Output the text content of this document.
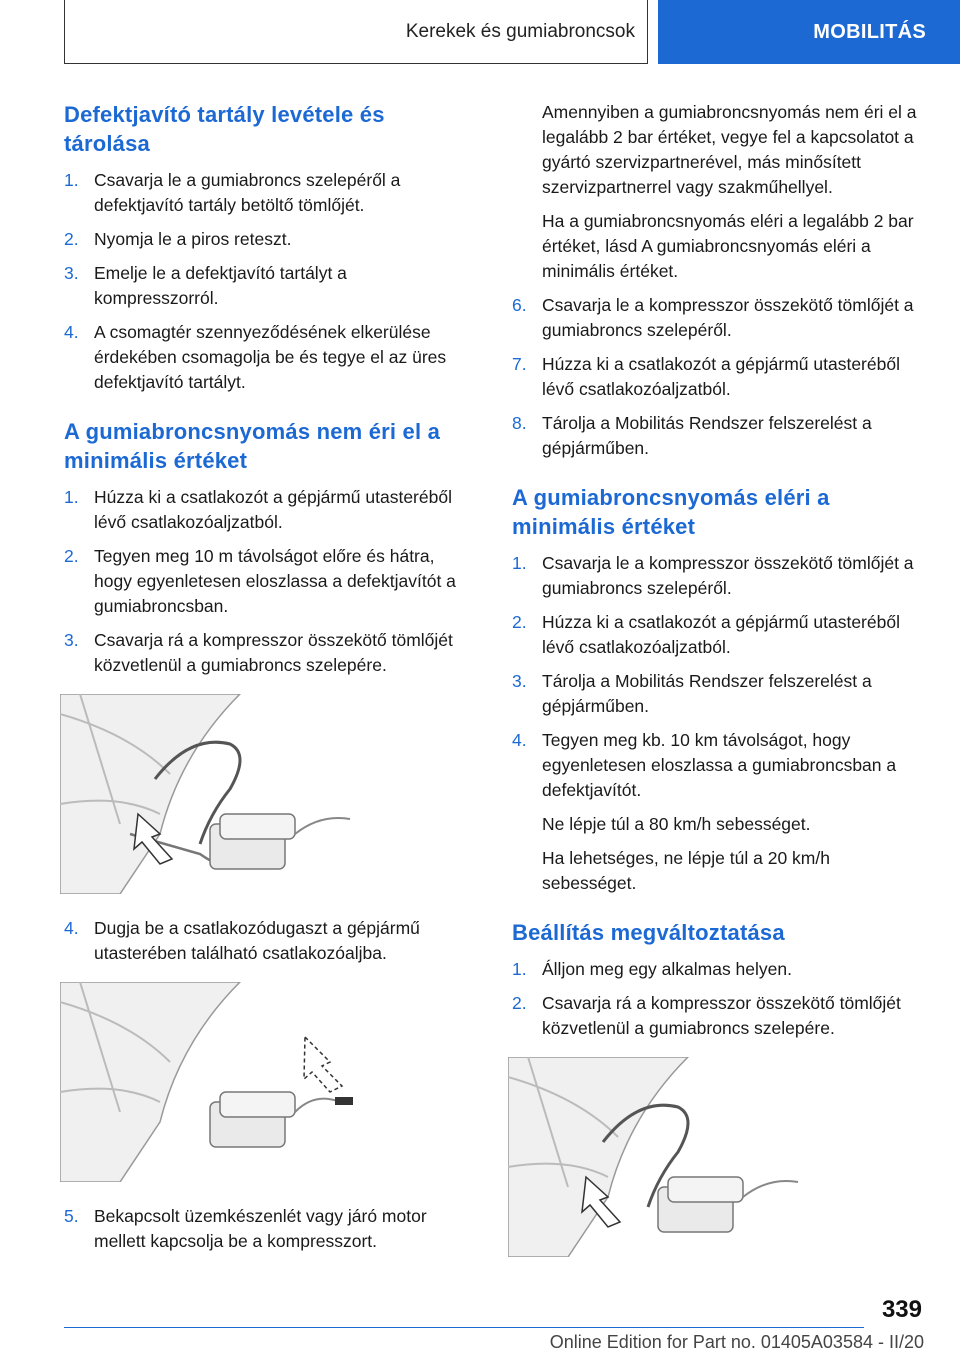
Kerekek és gumiabroncsok	MOBILITÁS
Defektjavító tartály levétele és tárolása
1. Csavarja le a gumiabroncs szelepéről a defektjavító tartály betöltő tömlőjét.
2. Nyomja le a piros reteszt.
3. Emelje le a defektjavító tartályt a kompresszorról.
4. A csomagtér szennyeződésének elkerülése érdekében csomagolja be és tegye el az üres defektjavító tartályt.
A gumiabroncsnyomás nem éri el a minimális értéket
1. Húzza ki a csatlakozót a gépjármű utasteréből lévő csatlakozóaljzatból.
2. Tegyen meg 10 m távolságot előre és hátra, hogy egyenletesen eloszlassa a defektjavítót a gumiabroncsban.
3. Csavarja rá a kompresszor összekötő tömlőjét közvetlenül a gumiabroncs szelepére.
4. Dugja be a csatlakozódugaszt a gépjármű utasterében található csatlakozóaljba.
5. Bekapcsolt üzemkészenlét vagy járó motor mellett kapcsolja be a kompresszort.
Amennyiben a gumiabroncsnyomás nem éri el a legalább 2 bar értéket, vegye fel a kapcsolatot a gyártó szervizpartnerével, más minősített szervizpartnerrel vagy szakműhellyel.
Ha a gumiabroncsnyomás eléri a legalább 2 bar értéket, lásd A gumiabroncsnyomás eléri a minimális értéket.
6. Csavarja le a kompresszor összekötő tömlőjét a gumiabroncs szelepéről.
7. Húzza ki a csatlakozót a gépjármű utasteréből lévő csatlakozóaljzatból.
8. Tárolja a Mobilitás Rendszer felszerelést a gépjárműben.
A gumiabroncsnyomás eléri a minimális értéket
1. Csavarja le a kompresszor összekötő tömlőjét a gumiabroncs szelepéről.
2. Húzza ki a csatlakozót a gépjármű utasteréből lévő csatlakozóaljzatból.
3. Tárolja a Mobilitás Rendszer felszerelést a gépjárműben.
4. Tegyen meg kb. 10 km távolságot, hogy egyenletesen eloszlassa a gumiabroncsban a defektjavítót.
Ne lépje túl a 80 km/h sebességet.
Ha lehetséges, ne lépje túl a 20 km/h sebességet.
Beállítás megváltoztatása
1. Álljon meg egy alkalmas helyen.
2. Csavarja rá a kompresszor összekötő tömlőjét közvetlenül a gumiabroncs szelepére.
339
Online Edition for Part no. 01405A03584 - II/20
